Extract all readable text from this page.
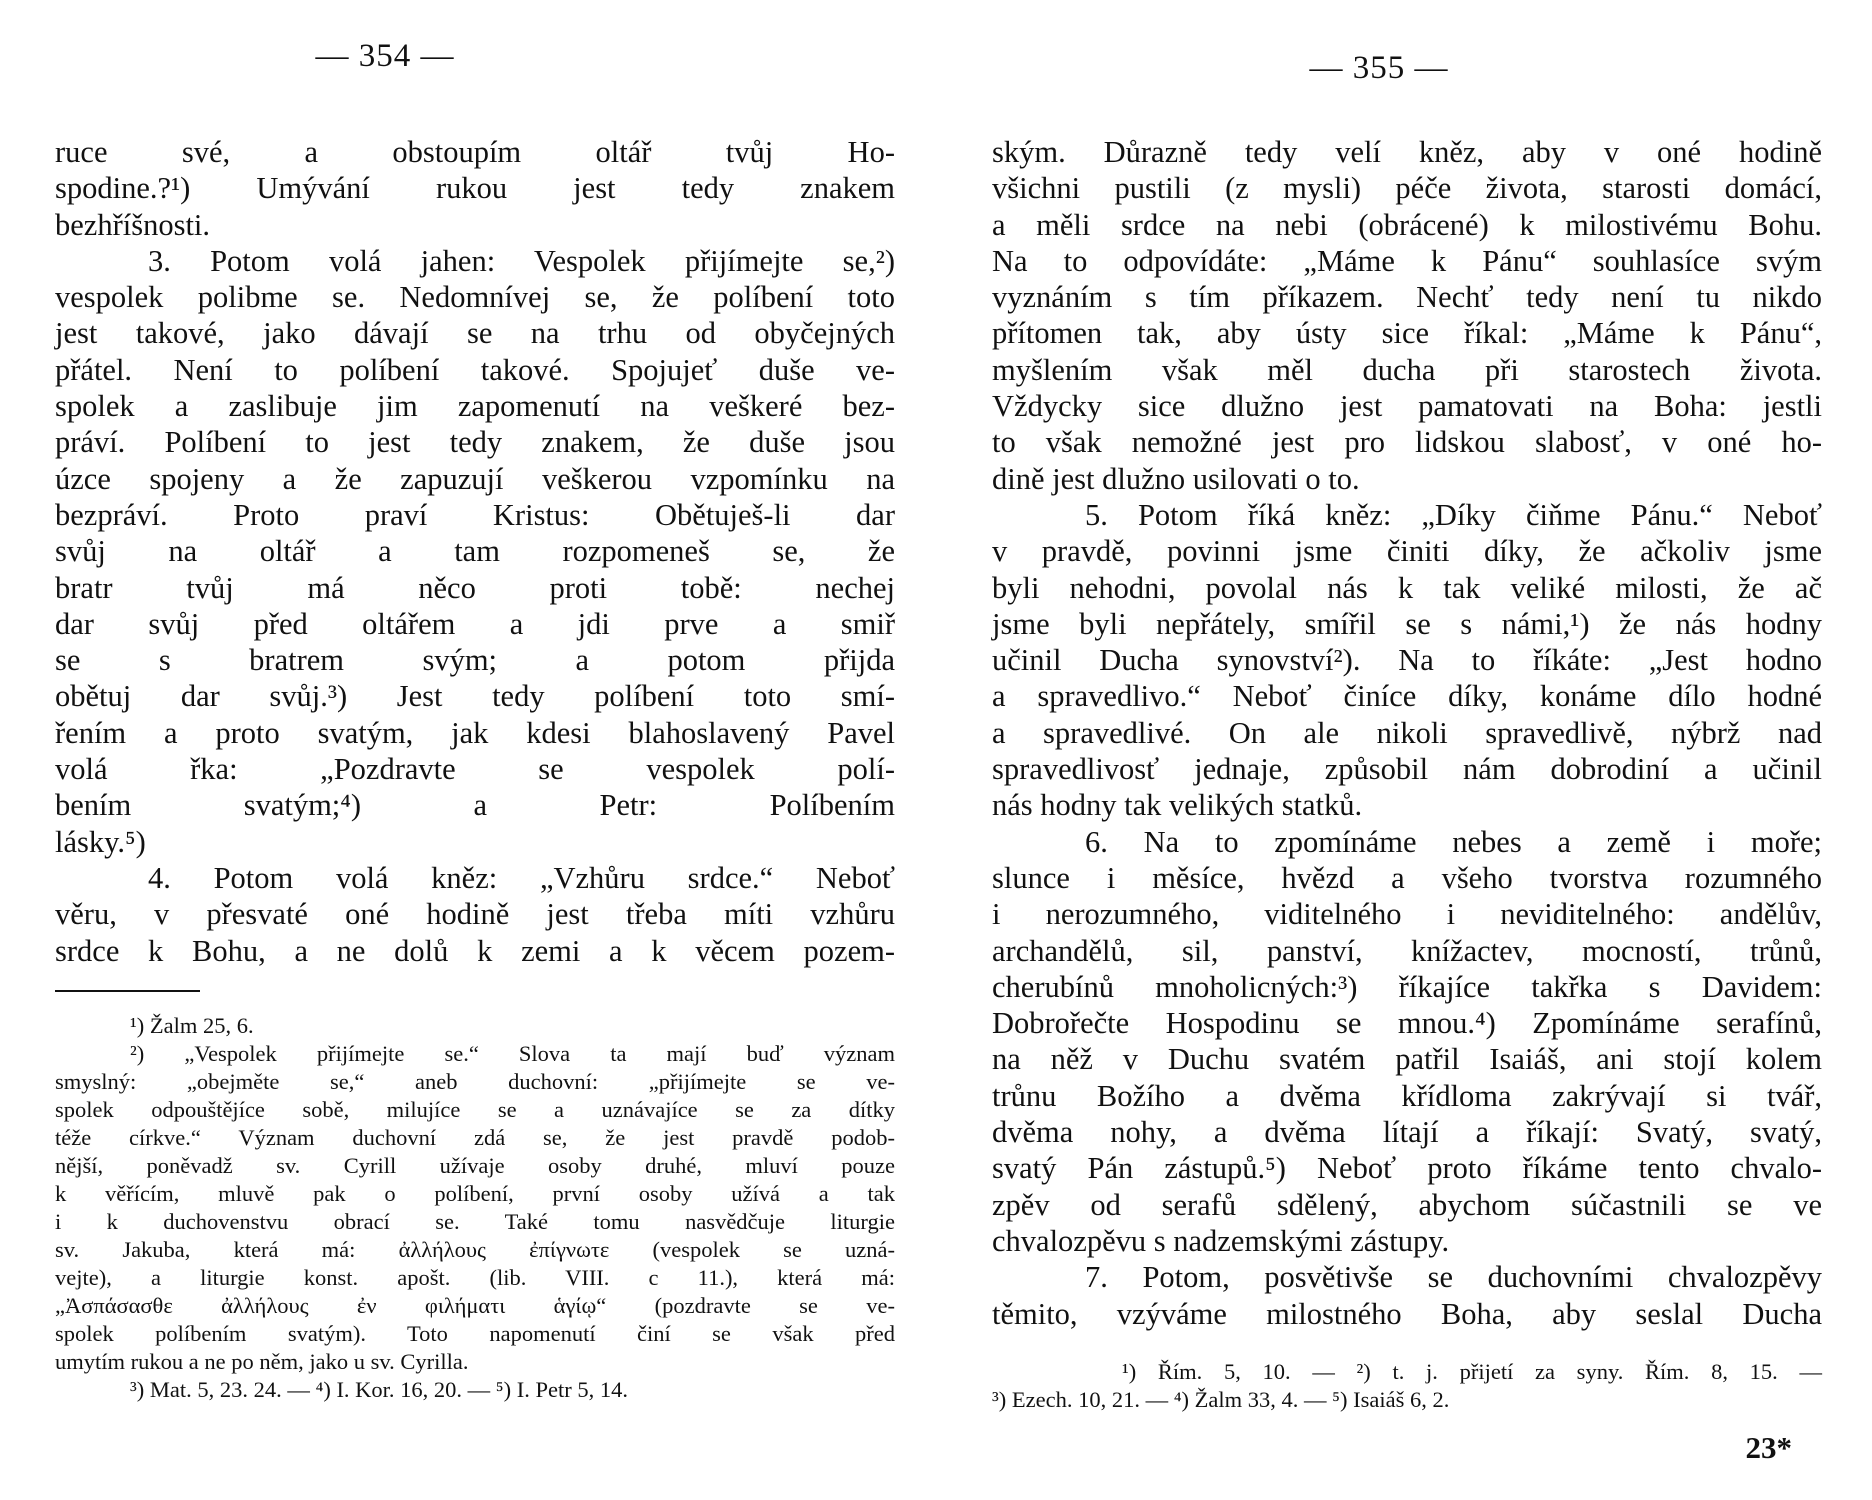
— 354 —
ruce své, a obstoupím oltář tvůj Ho-
spodine.?¹) Umývání rukou jest tedy znakem
bezhříšnosti.
3. Potom volá jahen: Vespolek přijímejte se,²)
vespolek polibme se. Nedomnívej se, že políbení toto
jest takové, jako dávají se na trhu od obyčejných
přátel. Není to políbení takové. Spojujeť duše ve-
spolek a zaslibuje jim zapomenutí na veškeré bez-
práví. Políbení to jest tedy znakem, že duše jsou
úzce spojeny a že zapuzují veškerou vzpomínku na
bezpráví. Proto praví Kristus: Obětuješ-li dar
svůj na oltář a tam rozpomeneš se, že
bratr tvůj má něco proti tobě: nechej
dar svůj před oltářem a jdi prve a smiř
se s bratrem svým; a potom přijda
obětuj dar svůj.³) Jest tedy políbení toto smí-
řením a proto svatým, jak kdesi blahoslavený Pavel
volá řka: „Pozdravte se vespolek polí-
bením svatým;⁴) a Petr: Políbením
lásky.⁵)
4. Potom volá kněz: „Vzhůru srdce.“ Neboť
věru, v přesvaté oné hodině jest třeba míti vzhůru
srdce k Bohu, a ne dolů k zemi a k věcem pozem-
¹) Žalm 25, 6.
²) „Vespolek přijímejte se.“ Slova ta mají buď význam
smyslný: „obejměte se,“ aneb duchovní: „přijímejte se ve-
spolek odpouštějíce sobě, milujíce se a uznávajíce se za dítky
téže církve.“ Význam duchovní zdá se, že jest pravdě podob-
nější, poněvadž sv. Cyrill užívaje osoby druhé, mluví pouze
k věřícím, mluvě pak o políbení, první osoby užívá a tak
i k duchovenstvu obrací se. Také tomu nasvědčuje liturgie
sv. Jakuba, která má: ἀλλήλους ἐπίγνωτε (vespolek se uzná-
vejte), a liturgie konst. apošt. (lib. VIII. c 11.), která má:
„Ἀσπάσασθε ἀλλήλους ἐν φιλήματι ἁγίῳ“ (pozdravte se ve-
spolek políbením svatým). Toto napomenutí činí se však před
umytím rukou a ne po něm, jako u sv. Cyrilla.
³) Mat. 5, 23. 24. — ⁴) I. Kor. 16, 20. — ⁵) I. Petr 5, 14.
— 355 —
ským. Důrazně tedy velí kněz, aby v oné hodině
všichni pustili (z mysli) péče života, starosti domácí,
a měli srdce na nebi (obrácené) k milostivému Bohu.
Na to odpovídáte: „Máme k Pánu“ souhlasíce svým
vyznáním s tím příkazem. Nechť tedy není tu nikdo
přítomen tak, aby ústy sice říkal: „Máme k Pánu“,
myšlením však měl ducha při starostech života.
Vždycky sice dlužno jest pamatovati na Boha: jestli
to však nemožné jest pro lidskou slabosť, v oné ho-
dině jest dlužno usilovati o to.
5. Potom říká kněz: „Díky čiňme Pánu.“ Neboť
v pravdě, povinni jsme činiti díky, že ačkoliv jsme
byli nehodni, povolal nás k tak veliké milosti, že ač
jsme byli nepřátely, smířil se s námi,¹) že nás hodny
učinil Ducha synovství²). Na to říkáte: „Jest hodno
a spravedlivo.“ Neboť činíce díky, konáme dílo hodné
a spravedlivé. On ale nikoli spravedlivě, nýbrž nad
spravedlivosť jednaje, způsobil nám dobrodiní a učinil
nás hodny tak velikých statků.
6. Na to zpomínáme nebes a země i moře;
slunce i měsíce, hvězd a všeho tvorstva rozumného
i nerozumného, viditelného i neviditelného: andělův,
archandělů, sil, panství, knížactev, mocností, trůnů,
cherubínů mnoholicných:³) říkajíce takřka s Davidem:
Dobrořečte Hospodinu se mnou.⁴) Zpomínáme serafínů,
na něž v Duchu svatém patřil Isaiáš, ani stojí kolem
trůnu Božího a dvěma křídloma zakrývají si tvář,
dvěma nohy, a dvěma lítají a říkají: Svatý, svatý,
svatý Pán zástupů.⁵) Neboť proto říkáme tento chvalo-
zpěv od serafů sdělený, abychom súčastnili se ve
chvalozpěvu s nadzemskými zástupy.
7. Potom, posvětivše se duchovními chvalozpěvy
těmito, vzýváme milostného Boha, aby seslal Ducha
¹) Řím. 5, 10. — ²) t. j. přijetí za syny. Řím. 8, 15. —
³) Ezech. 10, 21. — ⁴) Žalm 33, 4. — ⁵) Isaiáš 6, 2.
23*
